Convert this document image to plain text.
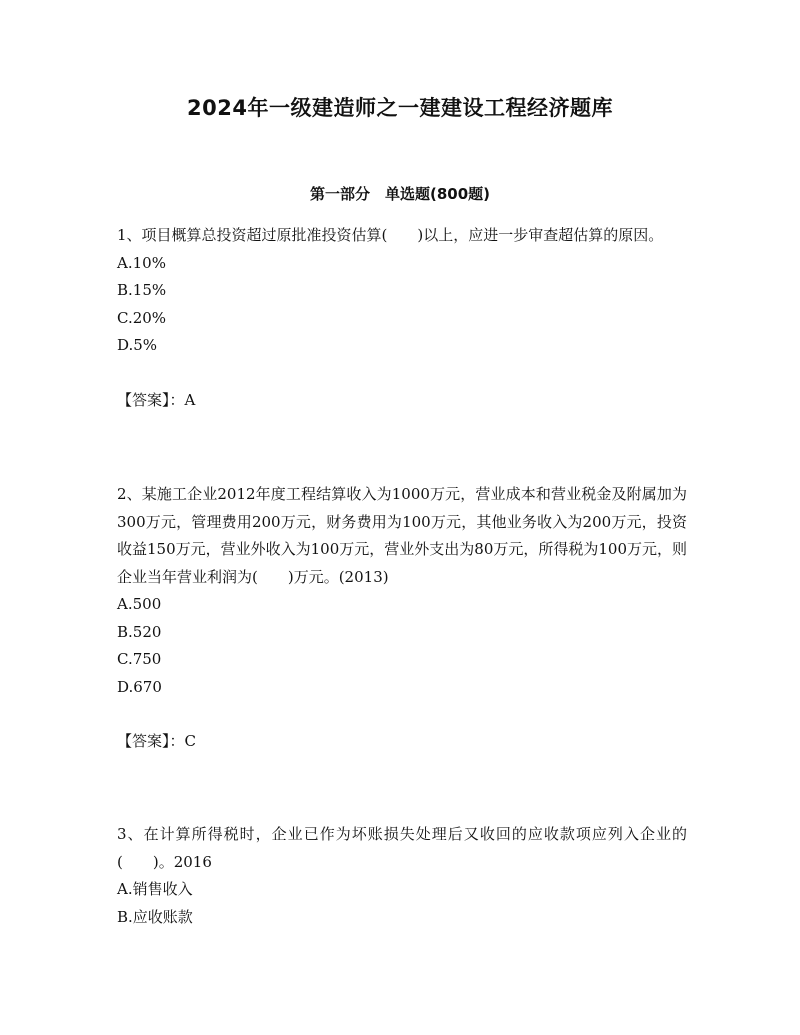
2024年一级建造师之一建建设工程经济题库
第一部分　单选题(800题)
1、项目概算总投资超过原批准投资估算(　　)以上，应进一步审查超估算的原因。
A.10%
B.15%
C.20%
D.5%
【答案】：A
2、某施工企业2012年度工程结算收入为1000万元，营业成本和营业税金及附属加为300万元，管理费用200万元，财务费用为100万元，其他业务收入为200万元，投资收益150万元，营业外收入为100万元，营业外支出为80万元，所得税为100万元，则企业当年营业利润为(　　)万元。(2013)
A.500
B.520
C.750
D.670
【答案】：C
3、在计算所得税时，企业已作为坏账损失处理后又收回的应收款项应列入企业的(　　)。2016
A.销售收入
B.应收账款
